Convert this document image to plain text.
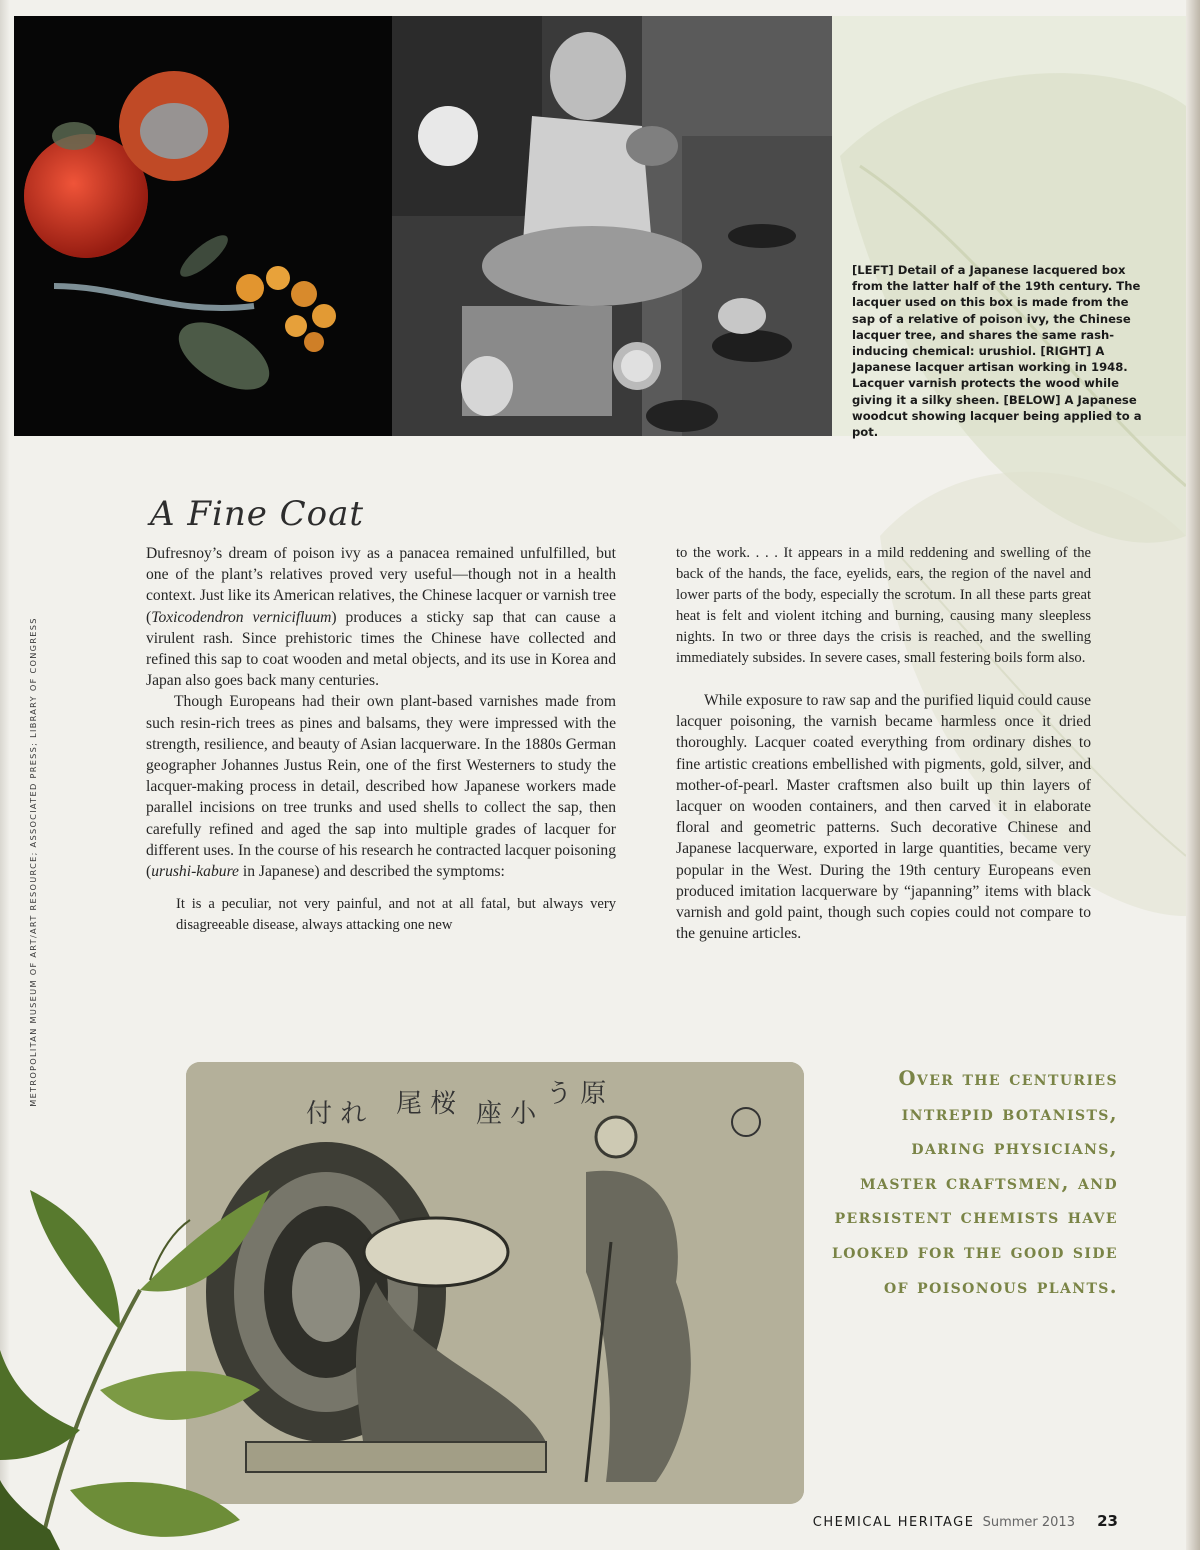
[LEFT] Detail of a Japanese lacquered box from the latter half of the 19th century. The lacquer used on this box is made from the sap of a relative of poison ivy, the Chinese lacquer tree, and shares the same rash-inducing chemical: urushiol. [RIGHT] A Japanese lacquer artisan working in 1948. Lacquer varnish protects the wood while giving it a silky sheen. [BELOW] A Japanese woodcut showing lacquer being applied to a pot.
A Fine Coat
METROPOLITAN MUSEUM OF ART/ART RESOURCE; ASSOCIATED PRESS; LIBRARY OF CONGRESS

Dufresnoy’s dream of poison ivy as a panacea remained unfulfilled, but one of the plant’s relatives proved very useful—though not in a health context. Just like its American relatives, the Chinese lacquer or varnish tree (Toxicodendron vernicifluum) produces a sticky sap that can cause a virulent rash. Since prehistoric times the Chinese have collected and refined this sap to coat wooden and metal objects, and its use in Korea and Japan also goes back many centuries.

Though Europeans had their own plant-based varnishes made from such resin-rich trees as pines and balsams, they were impressed with the strength, resilience, and beauty of Asian lacquerware. In the 1880s German geographer Johannes Justus Rein, one of the first Westerners to study the lacquer-making process in detail, described how Japanese workers made parallel incisions on tree trunks and used shells to collect the sap, then carefully refined and aged the sap into multiple grades of lacquer for different uses. In the course of his research he contracted lacquer poisoning (urushi-kabure in Japanese) and described the symptoms:

It is a peculiar, not very painful, and not at all fatal, but always very disagreeable disease, always attacking one new

to the work. . . . It appears in a mild reddening and swelling of the back of the hands, the face, eyelids, ears, the region of the navel and lower parts of the body, especially the scrotum. In all these parts great heat is felt and violent itching and burning, causing many sleepless nights. In two or three days the crisis is reached, and the swelling immediately subsides. In severe cases, small festering boils form also.

While exposure to raw sap and the purified liquid could cause lacquer poisoning, the varnish became harmless once it dried thoroughly. Lacquer coated everything from ordinary dishes to fine artistic creations embellished with pigments, gold, silver, and mother-of-pearl. Master craftsmen also built up thin layers of lacquer on wooden containers, and then carved it in elaborate floral and geometric patterns. Such decorative Chinese and Japanese lacquerware, exported in large quantities, became very popular in the West. During the 19th century Europeans even produced imitation lacquerware by “japanning” items with black varnish and gold paint, though such copies could not compare to the genuine articles.

付 れ 尾 桜 座 小
う 原
Over the centuries intrepid botanists, daring physicians, master craftsmen, and persistent chemists have looked for the good side of poisonous plants.
CHEMICAL HERITAGE Summer 2013 23
